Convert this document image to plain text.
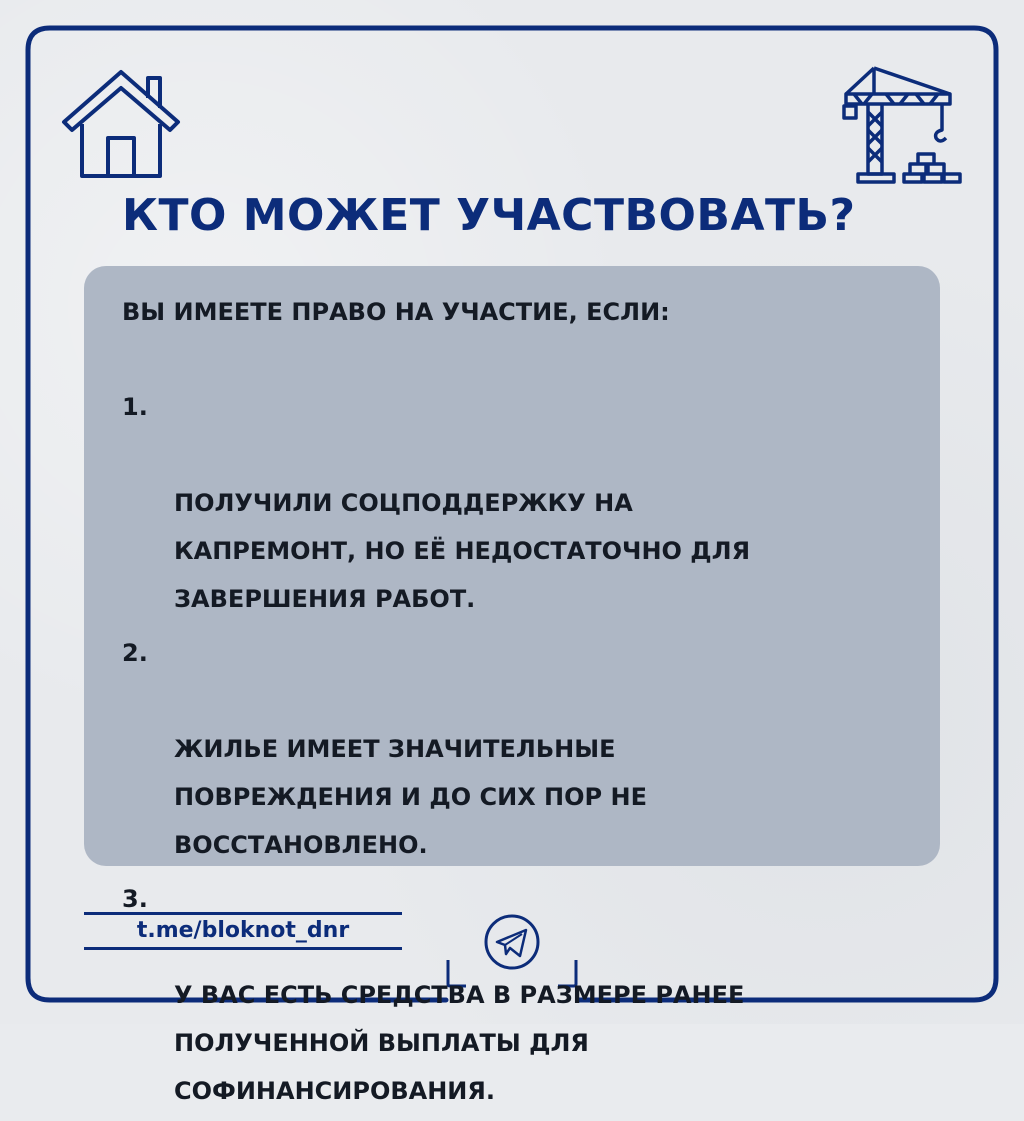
КТО МОЖЕТ УЧАСТВОВАТЬ?

ВЫ ИМЕЕТЕ ПРАВО НА УЧАСТИЕ, ЕСЛИ:

1.

ПОЛУЧИЛИ СОЦПОДДЕРЖКУ НА
КАПРЕМОНТ, НО ЕЁ НЕДОСТАТОЧНО ДЛЯ
ЗАВЕРШЕНИЯ РАБОТ.

2.

ЖИЛЬЕ ИМЕЕТ ЗНАЧИТЕЛЬНЫЕ
ПОВРЕЖДЕНИЯ И ДО СИХ ПОР НЕ
ВОССТАНОВЛЕНО.

3.

У ВАС ЕСТЬ СРЕДСТВА В РАЗМЕРЕ РАНЕЕ
ПОЛУЧЕННОЙ ВЫПЛАТЫ ДЛЯ
СОФИНАНСИРОВАНИЯ.

t.me/bloknot_dnr
